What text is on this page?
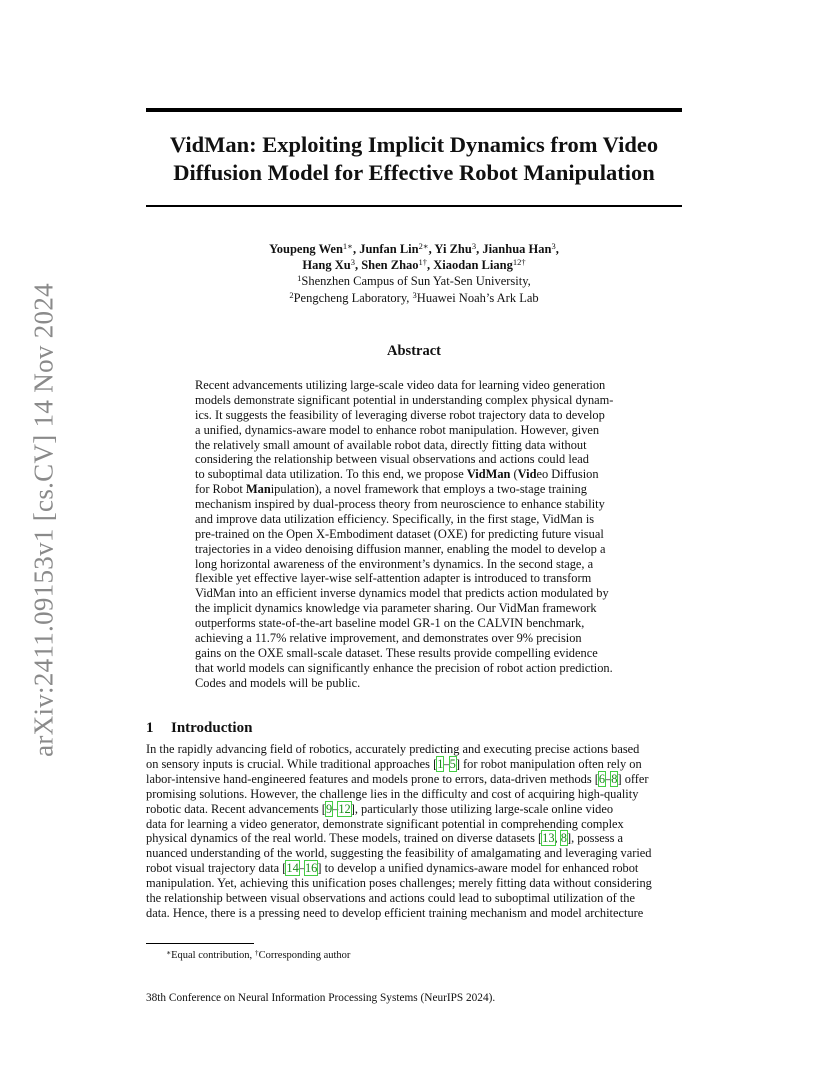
arXiv:2411.09153v1 [cs.CV] 14 Nov 2024
VidMan: Exploiting Implicit Dynamics from Video
Diffusion Model for Effective Robot Manipulation
Youpeng Wen$^{1∗}$, Junfan Lin$^{2∗}$, Yi Zhu$^3$, Jianhua Han$^3$,
Hang Xu$^3$, Shen Zhao$^{1\dagger}$, Xiaodan Liang$^{12\dagger}$
$^1$Shenzhen Campus of Sun Yat-Sen University,
$^2$Pengcheng Laboratory, $^3$Huawei Noah’s Ark Lab
Abstract
Recent advancements utilizing large-scale video data for learning video generation
models demonstrate significant potential in understanding complex physical dynam-
ics. It suggests the feasibility of leveraging diverse robot trajectory data to develop
a unified, dynamics-aware model to enhance robot manipulation. However, given
the relatively small amount of available robot data, directly fitting data without
considering the relationship between visual observations and actions could lead
to suboptimal data utilization. To this end, we propose VidMan (Video Diffusion
for Robot Manipulation), a novel framework that employs a two-stage training
mechanism inspired by dual-process theory from neuroscience to enhance stability
and improve data utilization efficiency. Specifically, in the first stage, VidMan is
pre-trained on the Open X-Embodiment dataset (OXE) for predicting future visual
trajectories in a video denoising diffusion manner, enabling the model to develop a
long horizontal awareness of the environment’s dynamics. In the second stage, a
flexible yet effective layer-wise self-attention adapter is introduced to transform
VidMan into an efficient inverse dynamics model that predicts action modulated by
the implicit dynamics knowledge via parameter sharing. Our VidMan framework
outperforms state-of-the-art baseline model GR-1 on the CALVIN benchmark,
achieving a 11.7% relative improvement, and demonstrates over 9% precision
gains on the OXE small-scale dataset. These results provide compelling evidence
that world models can significantly enhance the precision of robot action prediction.
Codes and models will be public.
1 Introduction
In the rapidly advancing field of robotics, accurately predicting and executing precise actions based
on sensory inputs is crucial. While traditional approaches [1–5] for robot manipulation often rely on
labor-intensive hand-engineered features and models prone to errors, data-driven methods [6–8] offer
promising solutions. However, the challenge lies in the difficulty and cost of acquiring high-quality
robotic data. Recent advancements [9–12], particularly those utilizing large-scale online video
data for learning a video generator, demonstrate significant potential in comprehending complex
physical dynamics of the real world. These models, trained on diverse datasets [13, 8], possess a
nuanced understanding of the world, suggesting the feasibility of amalgamating and leveraging varied
robot visual trajectory data [14–16] to develop a unified dynamics-aware model for enhanced robot
manipulation. Yet, achieving this unification poses challenges; merely fitting data without considering
the relationship between visual observations and actions could lead to suboptimal utilization of the
data. Hence, there is a pressing need to develop efficient training mechanism and model architecture
∗Equal contribution, †Corresponding author
38th Conference on Neural Information Processing Systems (NeurIPS 2024).
